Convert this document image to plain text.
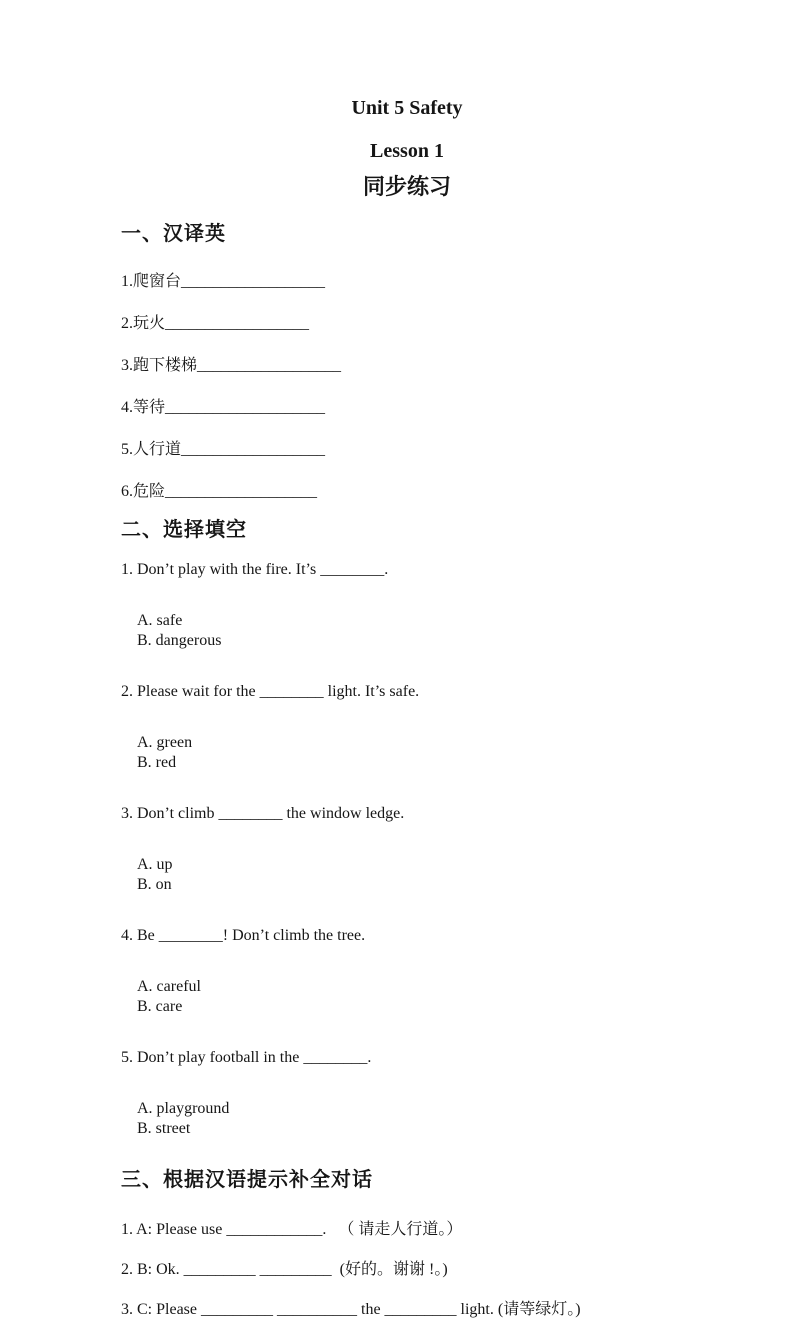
Unit 5 Safety
Lesson 1
同步练习
一、汉译英
1.爬窗台__________________
2.玩火__________________
3.跑下楼梯__________________
4.等待____________________
5.人行道__________________
6.危险___________________
二、选择填空
1. Don’t play with the fire. It’s ________.

A. safe
B. dangerous

2. Please wait for the ________ light. It’s safe.

A. green
B. red

3. Don’t climb ________ the window ledge.

A. up
B. on

4. Be ________! Don’t climb the tree.

A. careful
B. care

5. Don’t play football in the ________.

A. playground
B. street

三、根据汉语提示补全对话
1. A: Please use ____________.   （ 请走人行道。）
2. B: Ok. _________ _________  (好的。谢谢 !。)
3. C: Please _________ __________ the _________ light. (请等绿灯。)
